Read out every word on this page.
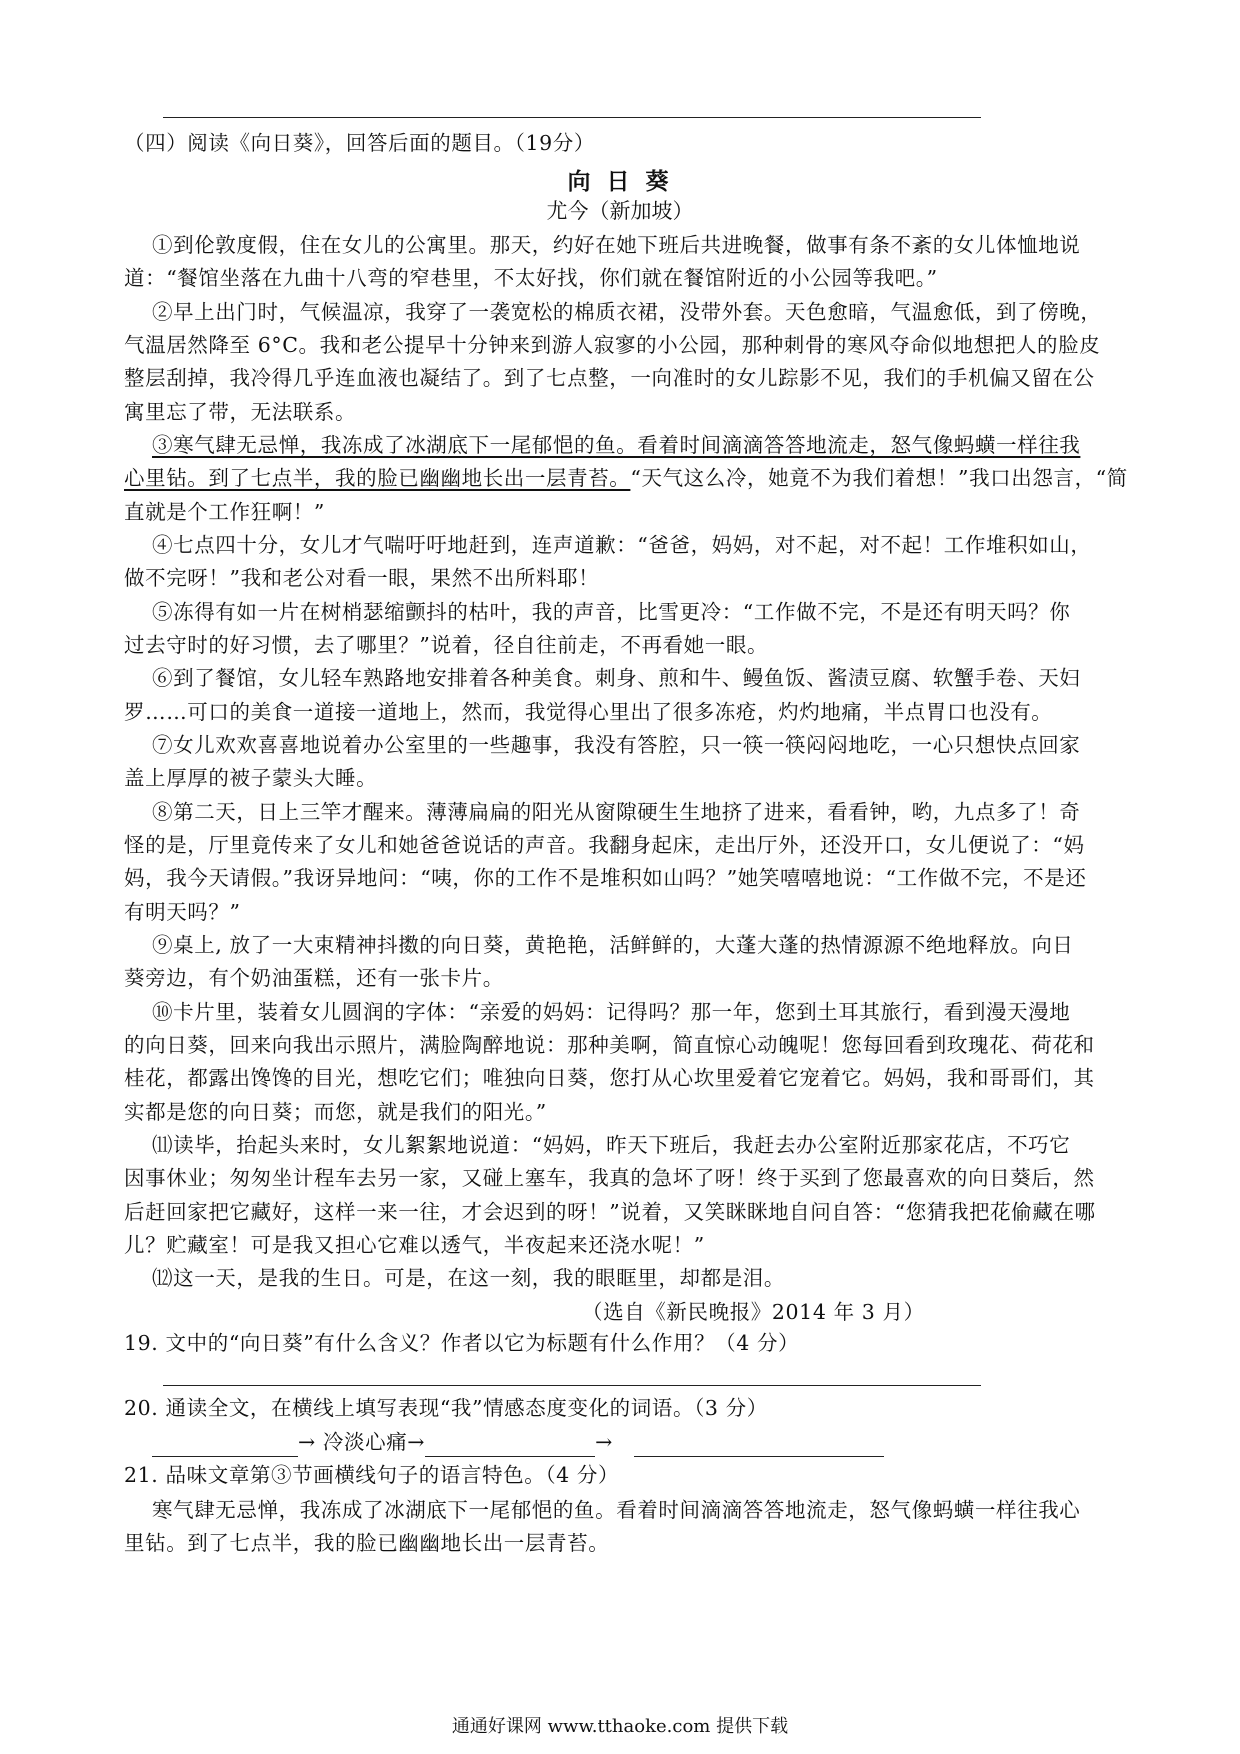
（四）阅读《向日葵》，回答后面的题目。（19分）
向 日 葵
尤今（新加坡）
①到伦敦度假，住在女儿的公寓里。那天，约好在她下班后共进晚餐，做事有条不紊的女儿体恤地说
道：“餐馆坐落在九曲十八弯的窄巷里，不太好找，你们就在餐馆附近的小公园等我吧。”
②早上出门时，气候温凉，我穿了一袭宽松的棉质衣裙，没带外套。天色愈暗，气温愈低，到了傍晚，
气温居然降至 6°C。我和老公提早十分钟来到游人寂寥的小公园，那种刺骨的寒风夺命似地想把人的脸皮
整层刮掉，我冷得几乎连血液也凝结了。到了七点整，一向准时的女儿踪影不见，我们的手机偏又留在公
寓里忘了带，无法联系。
③寒气肆无忌惮，我冻成了冰湖底下一尾郁悒的鱼。看着时间滴滴答答地流走，怒气像蚂蟥一样往我
心里钻。到了七点半，我的脸已幽幽地长出一层青苔。“天气这么冷，她竟不为我们着想！”我口出怨言，“简
直就是个工作狂啊！”
④七点四十分，女儿才气喘吁吁地赶到，连声道歉：“爸爸，妈妈，对不起，对不起！工作堆积如山，
做不完呀！”我和老公对看一眼，果然不出所料耶！
⑤冻得有如一片在树梢瑟缩颤抖的枯叶，我的声音，比雪更冷：“工作做不完，不是还有明天吗？你
过去守时的好习惯，去了哪里？”说着，径自往前走，不再看她一眼。
⑥到了餐馆，女儿轻车熟路地安排着各种美食。刺身、煎和牛、鳗鱼饭、酱渍豆腐、软蟹手卷、天妇
罗……可口的美食一道接一道地上，然而，我觉得心里出了很多冻疮，灼灼地痛，半点胃口也没有。
⑦女儿欢欢喜喜地说着办公室里的一些趣事，我没有答腔，只一筷一筷闷闷地吃，一心只想快点回家
盖上厚厚的被子蒙头大睡。
⑧第二天，日上三竿才醒来。薄薄扁扁的阳光从窗隙硬生生地挤了进来，看看钟，哟，九点多了！奇
怪的是，厅里竟传来了女儿和她爸爸说话的声音。我翻身起床，走出厅外，还没开口，女儿便说了：“妈
妈，我今天请假。”我讶异地问：“咦，你的工作不是堆积如山吗？”她笑嘻嘻地说：“工作做不完，不是还
有明天吗？”
⑨桌上, 放了一大束精神抖擞的向日葵，黄艳艳，活鲜鲜的，大蓬大蓬的热情源源不绝地释放。向日
葵旁边，有个奶油蛋糕，还有一张卡片。
⑩卡片里，装着女儿圆润的字体：“亲爱的妈妈：记得吗？那一年，您到土耳其旅行，看到漫天漫地
的向日葵，回来向我出示照片，满脸陶醉地说：那种美啊，简直惊心动魄呢！您每回看到玫瑰花、荷花和
桂花，都露出馋馋的目光，想吃它们；唯独向日葵，您打从心坎里爱着它宠着它。妈妈，我和哥哥们，其
实都是您的向日葵；而您，就是我们的阳光。”
⑾读毕，抬起头来时，女儿絮絮地说道：“妈妈，昨天下班后，我赶去办公室附近那家花店，不巧它
因事休业；匆匆坐计程车去另一家，又碰上塞车，我真的急坏了呀！终于买到了您最喜欢的向日葵后，然
后赶回家把它藏好，这样一来一往，才会迟到的呀！”说着，又笑眯眯地自问自答：“您猜我把花偷藏在哪
儿？贮藏室！可是我又担心它难以透气，半夜起来还浇水呢！”
⑿这一天，是我的生日。可是，在这一刻，我的眼眶里，却都是泪。
（选自《新民晚报》2014 年 3 月）
19. 文中的“向日葵”有什么含义？作者以它为标题有什么作用？（4 分）
20. 通读全文，在横线上填写表现“我”情感态度变化的词语。（3 分）
→ 冷淡心痛→	→
21. 品味文章第③节画横线句子的语言特色。（4 分）
寒气肆无忌惮，我冻成了冰湖底下一尾郁悒的鱼。看着时间滴滴答答地流走，怒气像蚂蟥一样往我心
里钻。到了七点半，我的脸已幽幽地长出一层青苔。
通通好课网 www.tthaoke.com 提供下载
